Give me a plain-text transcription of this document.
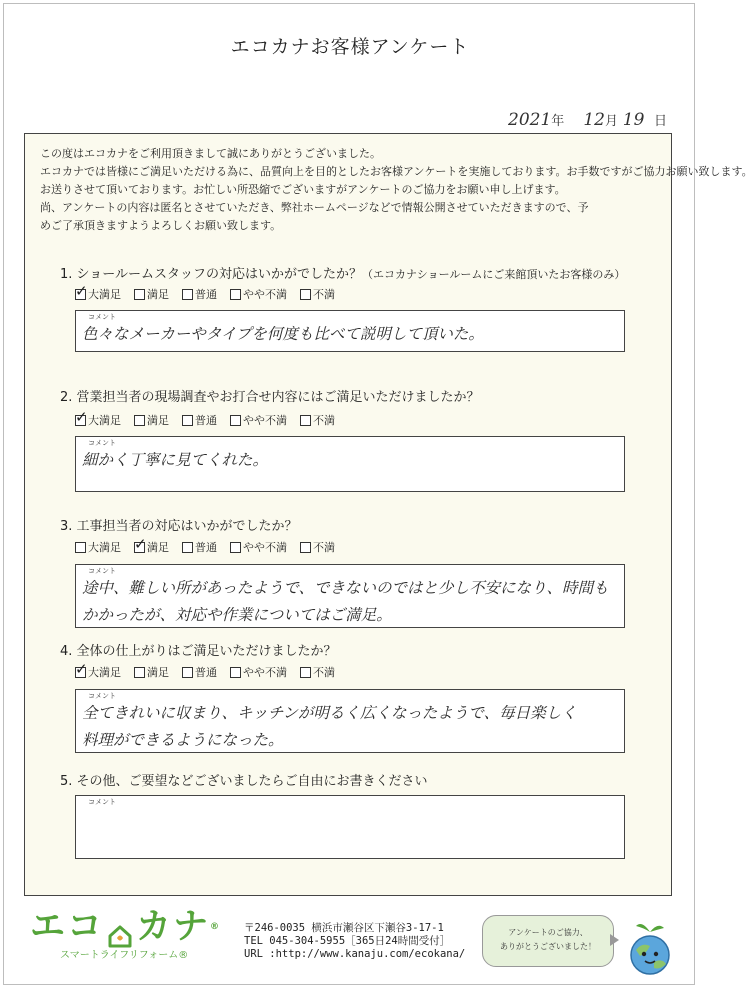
エコカナお客様アンケート
2021年 12月 19 日
この度はエコカナをご利用頂きまして誠にありがとうございました。
エコカナでは皆様にご満足いただける為に、品質向上を目的としたお客様アンケートを実施しております。お手数ですがご協力お願い致します。
お送りさせて頂いております。お忙しい所恐縮でございますがアンケートのご協力をお願い申し上げます。
尚、アンケートの内容は匿名とさせていただき、弊社ホームページなどで情報公開させていただきますので、予
めご了承頂きますようよろしくお願い致します。
1. ショールームスタッフの対応はいかがでしたか？（エコカナショールームにご来館頂いたお客様のみ）
✓
大満足 満足 普通 やや不満 不満
コメント
色々なメーカーやタイプを何度も比べて説明して頂いた。
2. 営業担当者の現場調査やお打合せ内容にはご満足いただけましたか？
✓
大満足 満足 普通 やや不満 不満
コメント
細かく丁寧に見てくれた。
3. 工事担当者の対応はいかがでしたか？
大満足
✓ 満足 普通 やや不満 不満
コメント
途中、難しい所があったようで、できないのではと少し不安になり、時間も
かかったが、対応や作業についてはご満足。
4. 全体の仕上がりはご満足いただけましたか？
✓
大満足 満足 普通 やや不満 不満
コメント
全てきれいに収まり、キッチンが明るく広くなったようで、毎日楽しく
料理ができるようになった。
5. その他、ご要望などございましたらご自由にお書きください
コメント
エコ カナ®
スマートライフリフォーム®
〒246-0035 横浜市瀬谷区下瀬谷3-17-1
TEL 045-304-5955［365日24時間受付］
URL :http://www.kanaju.com/ecokana/
アンケートのご協力、
ありがとうございました！
